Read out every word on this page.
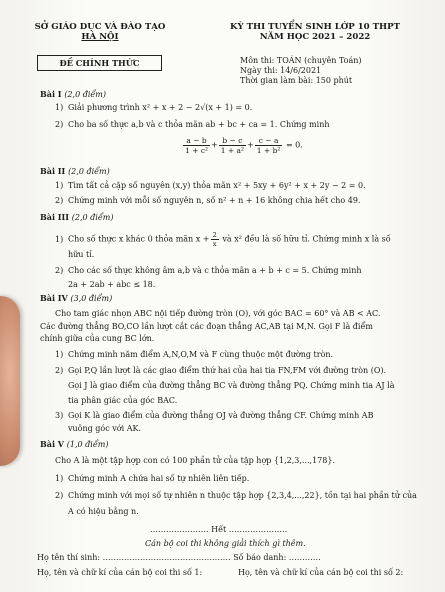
SỞ GIÁO DỤC VÀ ĐÀO TẠO
HÀ NỘI
KỲ THI TUYỂN SINH LỚP 10 THPT
NĂM HỌC 2021 – 2022
ĐỀ CHÍNH THỨC	Môn thi: TOÁN (chuyên Toán)
Ngày thi: 14/6/2021
Thời gian làm bài: 150 phút
Bài I (2,0 điểm)
1) Giải phương trình x² + x + 2 − 2√(x + 1) = 0.
2) Cho ba số thực a,b và c thỏa mãn ab + bc + ca = 1. Chứng minh
$\frac{a - b}{\text{1 + c²}} + \frac{b - c}{\text{1 + a²}} + \frac{c - a}{\text{1 + b²}} = 0$.
Bài II (2,0 điểm)
1) Tìm tất cả cặp số nguyên (x,y) thỏa mãn x² + 5xy + 6y² + x + 2y − 2 = 0.
2) Chứng minh với mỗi số nguyên n, số n² + n + 16 không chia hết cho 49.
Bài III (2,0 điểm)
1) Cho số thực x khác 0 thỏa mãn $x + \frac{2}{x}$ và x² đều là số hữu tỉ. Chứng minh x là số
hữu tỉ.
2) Cho các số thực không âm a,b và c thỏa mãn a + b + c = 5. Chứng minh
2a + 2ab + abc ≤ 18.
Bài IV (3,0 điểm)
Cho tam giác nhọn ABC nội tiếp đường tròn (O), với góc BAC = 60° và AB < AC.
Các đường thẳng BO,CO lần lượt cắt các đoạn thẳng AC,AB tại M,N. Gọi F là điểm
chính giữa của cung BC lớn.
1) Chứng minh năm điểm A,N,O,M và F cùng thuộc một đường tròn.
2) Gọi P,Q lần lượt là các giao điểm thứ hai của hai tia FN,FM với đường tròn (O).
Gọi J là giao điểm của đường thẳng BC và đường thẳng PQ. Chứng minh tia AJ là
tia phân giác của góc BAC.
3) Gọi K là giao điểm của đường thẳng OJ và đường thẳng CF. Chứng minh AB
vuông góc với AK.
Bài V (1,0 điểm)
Cho A là một tập hợp con có 100 phần tử của tập hợp {1,2,3,...,178}.
1) Chứng minh A chứa hai số tự nhiên liên tiếp.
2) Chứng minh với mọi số tự nhiên n thuộc tập hợp {2,3,4,...,22}, tồn tại hai phần tử của
A có hiệu bằng n.
…………………. Hết ………………….
Cán bộ coi thi không giải thích gì thêm.
Họ tên thí sinh: ………………………………………… Số báo danh: …………
Họ, tên và chữ kí của cán bộ coi thi số 1:	Họ, tên và chữ kí của cán bộ coi thi số 2:
